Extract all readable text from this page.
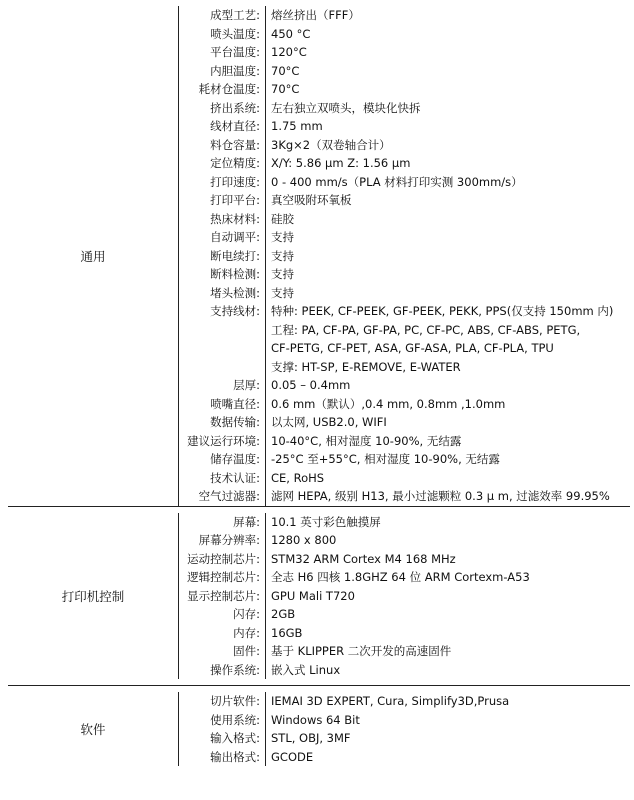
通用
成型工艺: 熔丝挤出（FFF）
喷头温度: 450 °C
平台温度: 120°C
内胆温度: 70°C
耗材仓温度: 70°C
挤出系统: 左右独立双喷头，模块化快拆
线材直径: 1.75 mm
料仓容量: 3Kg×2（双卷轴合计）
定位精度: X/Y: 5.86 μm Z: 1.56 μm
打印速度: 0 - 400 mm/s（PLA 材料打印实测 300mm/s）
打印平台: 真空吸附环氧板
热床材料: 硅胶
自动调平: 支持
断电续打: 支持
断料检测: 支持
堵头检测: 支持
支持线材: 特种: PEEK, CF-PEEK, GF-PEEK, PEKK, PPS(仅支持 150mm 内)
工程: PA, CF-PA, GF-PA, PC, CF-PC, ABS, CF-ABS, PETG,
CF-PETG, CF-PET, ASA, GF-ASA, PLA, CF-PLA, TPU
支撑: HT-SP, E-REMOVE, E-WATER
层厚: 0.05 – 0.4mm
喷嘴直径: 0.6 mm（默认）,0.4 mm, 0.8mm ,1.0mm
数据传输: 以太网, USB2.0, WIFI
建议运行环境: 10-40°C, 相对湿度 10-90%, 无结露
储存温度: -25°C 至+55°C, 相对湿度 10-90%, 无结露
技术认证: CE, RoHS
空气过滤器: 滤网 HEPA, 级别 H13, 最小过滤颗粒 0.3 μ m, 过滤效率 99.95%
打印机控制
屏幕: 10.1 英寸彩色触摸屏
屏幕分辨率: 1280 x 800
运动控制芯片: STM32 ARM Cortex M4 168 MHz
逻辑控制芯片: 全志 H6 四核 1.8GHZ 64 位 ARM Cortexm-A53
显示控制芯片: GPU Mali T720
闪存: 2GB
内存: 16GB
固件: 基于 KLIPPER 二次开发的高速固件
操作系统: 嵌入式 Linux
软件
切片软件: IEMAI 3D EXPERT, Cura, Simplify3D,Prusa
使用系统: Windows 64 Bit
输入格式: STL, OBJ, 3MF
输出格式: GCODE
